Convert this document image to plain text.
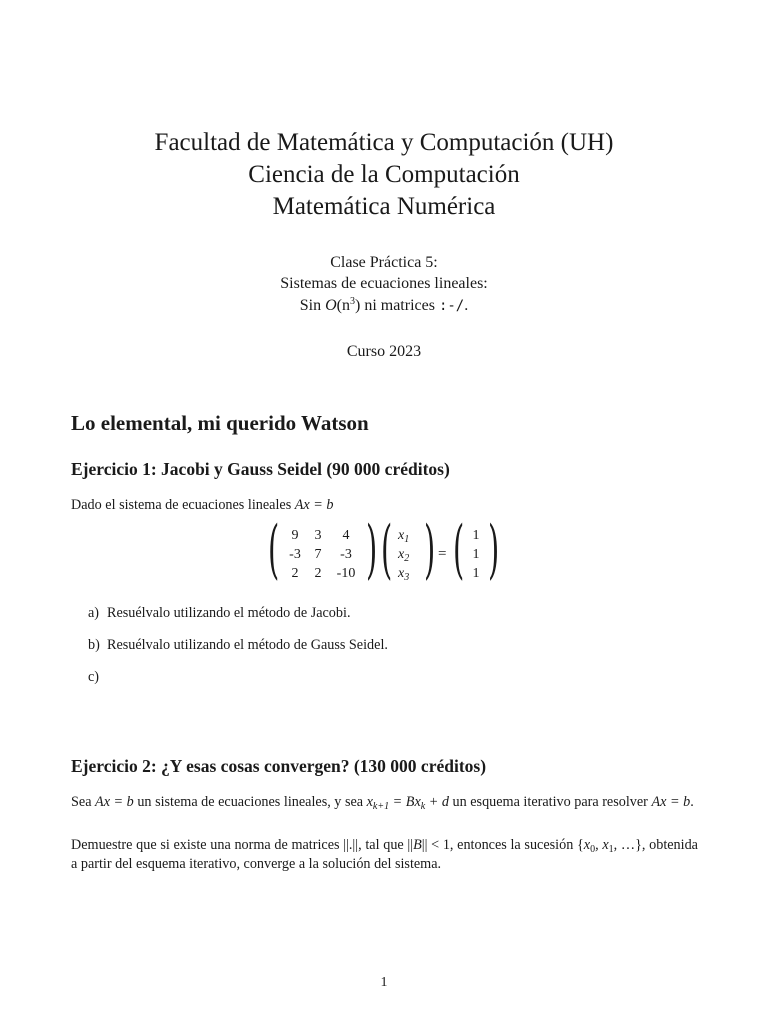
Facultad de Matemática y Computación (UH)
Ciencia de la Computación
Matemática Numérica
Clase Práctica 5:
Sistemas de ecuaciones lineales:
Sin $O(n^3)$ ni matrices :-/.
Curso 2023
Lo elemental, mi querido Watson
Ejercicio 1: Jacobi y Gauss Seidel (90 000 créditos)
Dado el sistema de ecuaciones lineales Ax = b
( ) ( )
$x_1$
$x_2$
$x_3$
= ( )
1
1
1
9	3	4
-3 7	-3
2	2	-10
a) Resuélvalo utilizando el método de Jacobi.
b) Resuélvalo utilizando el método de Gauss Seidel.
c)
Ejercicio 2: ¿Y esas cosas convergen? (130 000 créditos)
Sea Ax = b un sistema de ecuaciones lineales, y sea $x_{k+1} = Bx_k + d$ un esquema iterativo para resolver Ax = b.
Demuestre que si existe una norma de matrices ||.||, tal que ||B|| < 1, entonces la sucesión {$x_0$, $x_1$, …}, obtenida a partir del esquema iterativo, converge a la solución del sistema.
1
